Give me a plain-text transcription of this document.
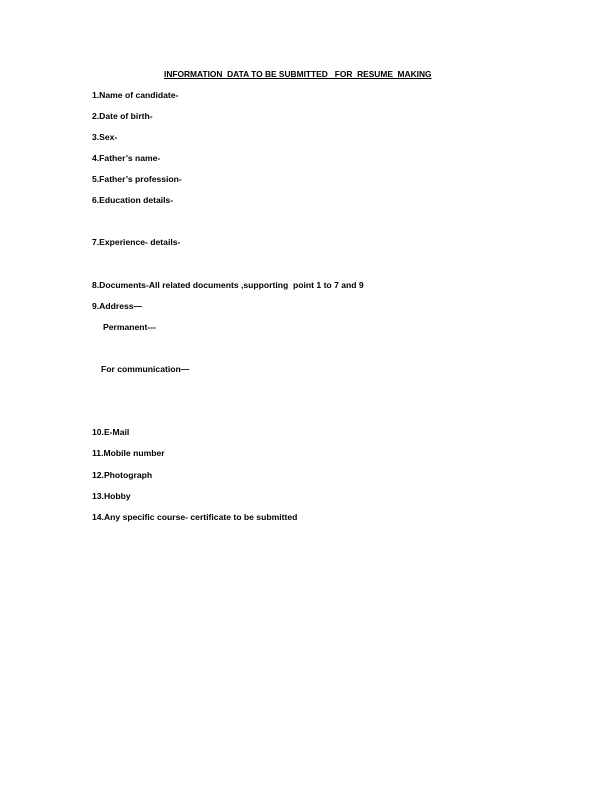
INFORMATION  DATA TO BE SUBMITTED   FOR  RESUME  MAKING
1.Name of candidate-
2.Date of birth-
3.Sex-
4.Father’s name-
5.Father’s profession-
6.Education details-
7.Experience- details-
8.Documents-All related documents ,supporting  point 1 to 7 and 9
9.Address—
Permanent---
For communication—
10.E-Mail
11.Mobile number
12.Photograph
13.Hobby
14.Any specific course- certificate to be submitted
